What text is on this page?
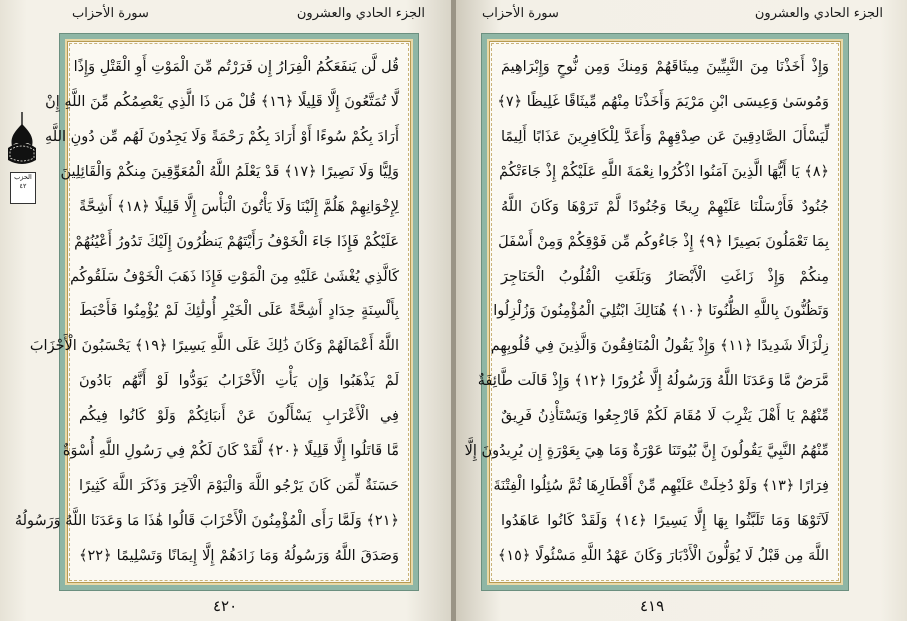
الجزء الحادي والعشرون
سورة الأحزاب
الحزب ٤٢
قُل لَّن يَنفَعَكُمُ الْفِرَارُ إِن فَرَرْتُم مِّنَ الْمَوْتِ أَوِ الْقَتْلِ وَإِذًا
لَّا تُمَتَّعُونَ إِلَّا قَلِيلًا ﴿١٦﴾ قُلْ مَن ذَا الَّذِي يَعْصِمُكُم مِّنَ اللَّهِ إِنْ
أَرَادَ بِكُمْ سُوءًا أَوْ أَرَادَ بِكُمْ رَحْمَةً وَلَا يَجِدُونَ لَهُم مِّن دُونِ اللَّهِ
وَلِيًّا وَلَا نَصِيرًا ﴿١٧﴾ قَدْ يَعْلَمُ اللَّهُ الْمُعَوِّقِينَ مِنكُمْ وَالْقَائِلِينَ
لِإِخْوَانِهِمْ هَلُمَّ إِلَيْنَا وَلَا يَأْتُونَ الْبَأْسَ إِلَّا قَلِيلًا ﴿١٨﴾ أَشِحَّةً
عَلَيْكُمْ فَإِذَا جَاءَ الْخَوْفُ رَأَيْتَهُمْ يَنظُرُونَ إِلَيْكَ تَدُورُ أَعْيُنُهُمْ
كَالَّذِي يُغْشَىٰ عَلَيْهِ مِنَ الْمَوْتِ فَإِذَا ذَهَبَ الْخَوْفُ سَلَقُوكُم
بِأَلْسِنَةٍ حِدَادٍ أَشِحَّةً عَلَى الْخَيْرِ أُولَٰئِكَ لَمْ يُؤْمِنُوا فَأَحْبَطَ
اللَّهُ أَعْمَالَهُمْ وَكَانَ ذَٰلِكَ عَلَى اللَّهِ يَسِيرًا ﴿١٩﴾ يَحْسَبُونَ الْأَحْزَابَ
لَمْ يَذْهَبُوا وَإِن يَأْتِ الْأَحْزَابُ يَوَدُّوا لَوْ أَنَّهُم بَادُونَ
فِي الْأَعْرَابِ يَسْأَلُونَ عَنْ أَنبَائِكُمْ وَلَوْ كَانُوا فِيكُم
مَّا قَاتَلُوا إِلَّا قَلِيلًا ﴿٢٠﴾ لَّقَدْ كَانَ لَكُمْ فِي رَسُولِ اللَّهِ أُسْوَةٌ
حَسَنَةٌ لِّمَن كَانَ يَرْجُو اللَّهَ وَالْيَوْمَ الْآخِرَ وَذَكَرَ اللَّهَ كَثِيرًا
﴿٢١﴾ وَلَمَّا رَأَى الْمُؤْمِنُونَ الْأَحْزَابَ قَالُوا هَٰذَا مَا وَعَدَنَا اللَّهُ وَرَسُولُهُ
وَصَدَقَ اللَّهُ وَرَسُولُهُ وَمَا زَادَهُمْ إِلَّا إِيمَانًا وَتَسْلِيمًا ﴿٢٢﴾
٤٢٠
الجزء الحادي والعشرون
سورة الأحزاب
وَإِذْ أَخَذْنَا مِنَ النَّبِيِّينَ مِيثَاقَهُمْ وَمِنكَ وَمِن نُّوحٍ وَإِبْرَاهِيمَ
وَمُوسَىٰ وَعِيسَى ابْنِ مَرْيَمَ وَأَخَذْنَا مِنْهُم مِّيثَاقًا غَلِيظًا ﴿٧﴾
لِّيَسْأَلَ الصَّادِقِينَ عَن صِدْقِهِمْ وَأَعَدَّ لِلْكَافِرِينَ عَذَابًا أَلِيمًا
﴿٨﴾ يَا أَيُّهَا الَّذِينَ آمَنُوا اذْكُرُوا نِعْمَةَ اللَّهِ عَلَيْكُمْ إِذْ جَاءَتْكُمْ
جُنُودٌ فَأَرْسَلْنَا عَلَيْهِمْ رِيحًا وَجُنُودًا لَّمْ تَرَوْهَا وَكَانَ اللَّهُ
بِمَا تَعْمَلُونَ بَصِيرًا ﴿٩﴾ إِذْ جَاءُوكُم مِّن فَوْقِكُمْ وَمِنْ أَسْفَلَ
مِنكُمْ وَإِذْ زَاغَتِ الْأَبْصَارُ وَبَلَغَتِ الْقُلُوبُ الْحَنَاجِرَ
وَتَظُنُّونَ بِاللَّهِ الظُّنُونَا ﴿١٠﴾ هُنَالِكَ ابْتُلِيَ الْمُؤْمِنُونَ وَزُلْزِلُوا
زِلْزَالًا شَدِيدًا ﴿١١﴾ وَإِذْ يَقُولُ الْمُنَافِقُونَ وَالَّذِينَ فِي قُلُوبِهِم
مَّرَضٌ مَّا وَعَدَنَا اللَّهُ وَرَسُولُهُ إِلَّا غُرُورًا ﴿١٢﴾ وَإِذْ قَالَت طَّائِفَةٌ
مِّنْهُمْ يَا أَهْلَ يَثْرِبَ لَا مُقَامَ لَكُمْ فَارْجِعُوا وَيَسْتَأْذِنُ فَرِيقٌ
مِّنْهُمُ النَّبِيَّ يَقُولُونَ إِنَّ بُيُوتَنَا عَوْرَةٌ وَمَا هِيَ بِعَوْرَةٍ إِن يُرِيدُونَ إِلَّا
فِرَارًا ﴿١٣﴾ وَلَوْ دُخِلَتْ عَلَيْهِم مِّنْ أَقْطَارِهَا ثُمَّ سُئِلُوا الْفِتْنَةَ
لَآتَوْهَا وَمَا تَلَبَّثُوا بِهَا إِلَّا يَسِيرًا ﴿١٤﴾ وَلَقَدْ كَانُوا عَاهَدُوا
اللَّهَ مِن قَبْلُ لَا يُوَلُّونَ الْأَدْبَارَ وَكَانَ عَهْدُ اللَّهِ مَسْئُولًا ﴿١٥﴾
٤١٩
